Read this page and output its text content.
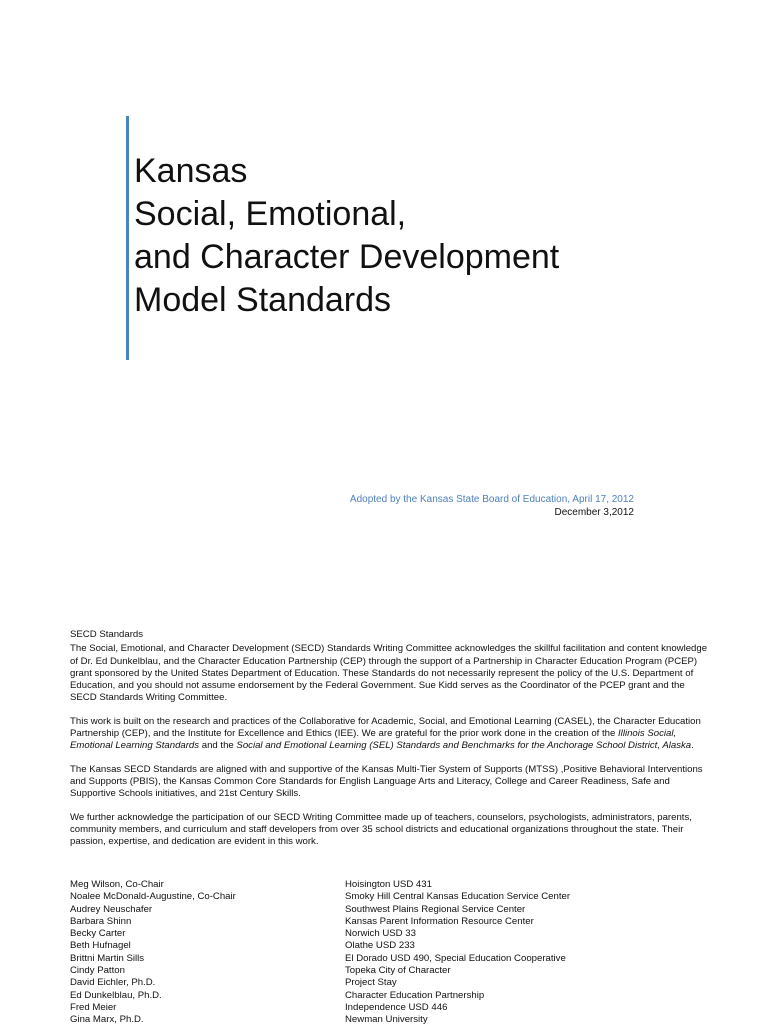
Kansas
Social, Emotional,
and Character Development
Model Standards
Adopted by the Kansas State Board of Education, April 17, 2012
December 3,2012

SECD Standards

The Social, Emotional, and Character Development (SECD) Standards Writing Committee acknowledges the skillful facilitation and content knowledge of Dr. Ed Dunkelblau, and the Character Education Partnership (CEP) through the support of a Partnership in Character Education Program (PCEP) grant sponsored by the United States Department of Education. These Standards do not necessarily represent the policy of the U.S. Department of Education, and you should not assume endorsement by the Federal Government. Sue Kidd serves as the Coordinator of the PCEP grant and the SECD Standards Writing Committee.

This work is built on the research and practices of the Collaborative for Academic, Social, and Emotional Learning (CASEL), the Character Education Partnership (CEP), and the Institute for Excellence and Ethics (IEE). We are grateful for the prior work done in the creation of the Illinois Social, Emotional Learning Standards and the Social and Emotional Learning (SEL) Standards and Benchmarks for the Anchorage School District, Alaska.

The Kansas SECD Standards are aligned with and supportive of the Kansas Multi-Tier System of Supports (MTSS) ,Positive Behavioral Interventions and Supports (PBIS), the Kansas Common Core Standards for English Language Arts and Literacy, College and Career Readiness, Safe and Supportive Schools initiatives, and 21st Century Skills.

We further acknowledge the participation of our SECD Writing Committee made up of teachers, counselors, psychologists, administrators, parents, community members, and curriculum and staff developers from over 35 school districts and educational organizations throughout the state. Their passion, expertise, and dedication are evident in this work.

Meg Wilson, Co-Chair	Hoisington USD 431
Noalee McDonald-Augustine, Co-Chair	Smoky Hill Central Kansas Education Service Center
Audrey Neuschafer	Southwest Plains Regional Service Center
Barbara Shinn	Kansas Parent Information Resource Center
Becky Carter	Norwich USD 33
Beth Hufnagel	Olathe USD 233
Brittni Martin Sills	El Dorado USD 490, Special Education Cooperative
Cindy Patton	Topeka City of Character
David Eichler, Ph.D.	Project Stay
Ed Dunkelblau, Ph.D.	Character Education Partnership
Fred Meier	Independence USD 446
Gina Marx, Ph.D.	Newman University
